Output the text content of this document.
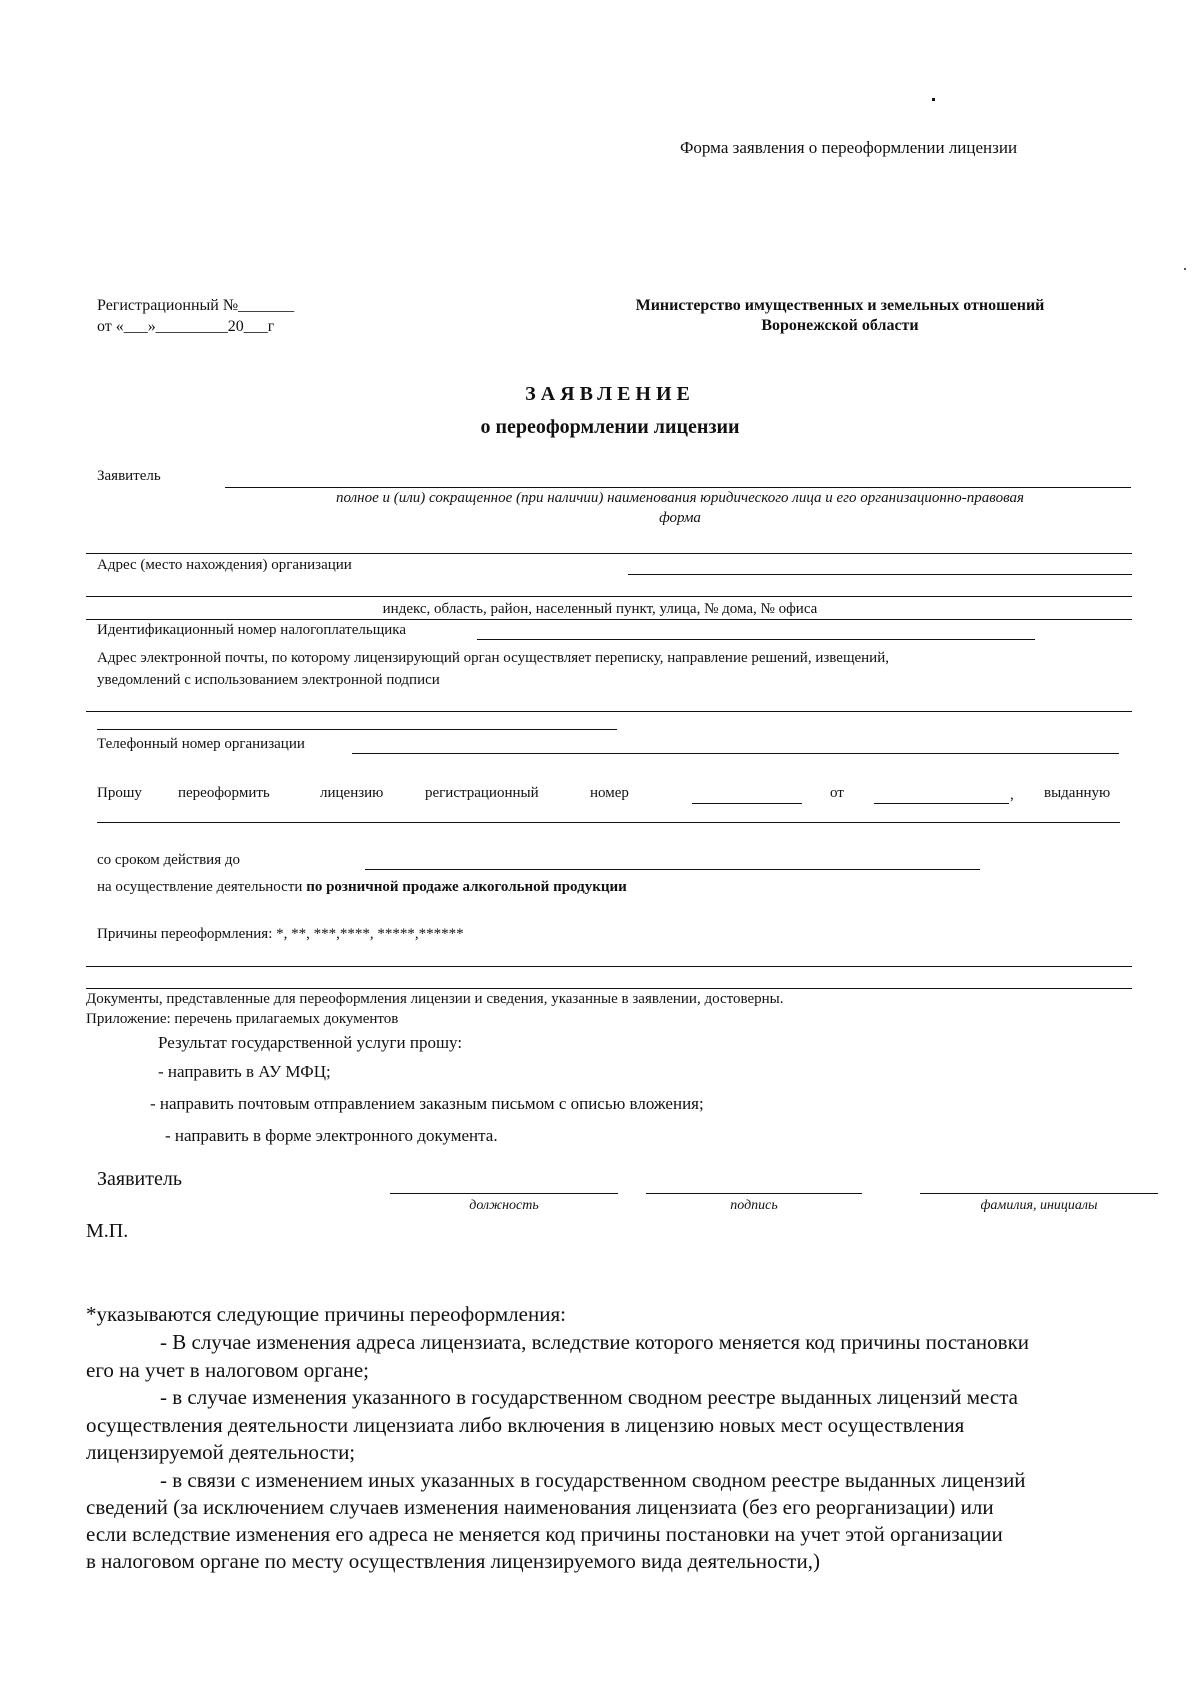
Форма заявления о переоформлении лицензии
Регистрационный №_______
от «___»_________20___г
Министерство имущественных и земельных отношений
Воронежской области
ЗАЯВЛЕНИЕ
о переоформлении лицензии
Заявитель
полное и (или) сокращенное (при наличии) наименования юридического лица и его организационно-правовая
форма
Адрес (место нахождения) организации
индекс, область, район, населенный пункт, улица, № дома, № офиса
Идентификационный номер налогоплательщика
Адрес электронной почты, по которому лицензирующий орган осуществляет переписку, направление решений, извещений,
уведомлений с использованием электронной подписи
Телефонный номер организации
Прошу переоформить	лицензию	регистрационный	номер	от	, выданную
со сроком действия до
на осуществление деятельности по розничной продаже алкогольной продукции
Причины переоформления: *, **, ***,****, *****,******
Документы, представленные для переоформления лицензии и сведения, указанные в заявлении, достоверны.
Приложение: перечень прилагаемых документов
Результат государственной услуги прошу:
- направить в АУ МФЦ;
- направить почтовым отправлением заказным письмом с описью вложения;
- направить в форме электронного документа.
Заявитель
должность	подпись	фамилия, инициалы
М.П.
*указываются следующие причины переоформления:
- В случае изменения адреса лицензиата, вследствие которого меняется код причины постановки
его на учет в налоговом органе;
- в случае изменения указанного в государственном сводном реестре выданных лицензий места
осуществления деятельности лицензиата либо включения в лицензию новых мест осуществления
лицензируемой деятельности;
- в связи с изменением иных указанных в государственном сводном реестре выданных лицензий
сведений (за исключением случаев изменения наименования лицензиата (без его реорганизации) или
если вследствие изменения его адреса не меняется код причины постановки на учет этой организации
в налоговом органе по месту осуществления лицензируемого вида деятельности,)
